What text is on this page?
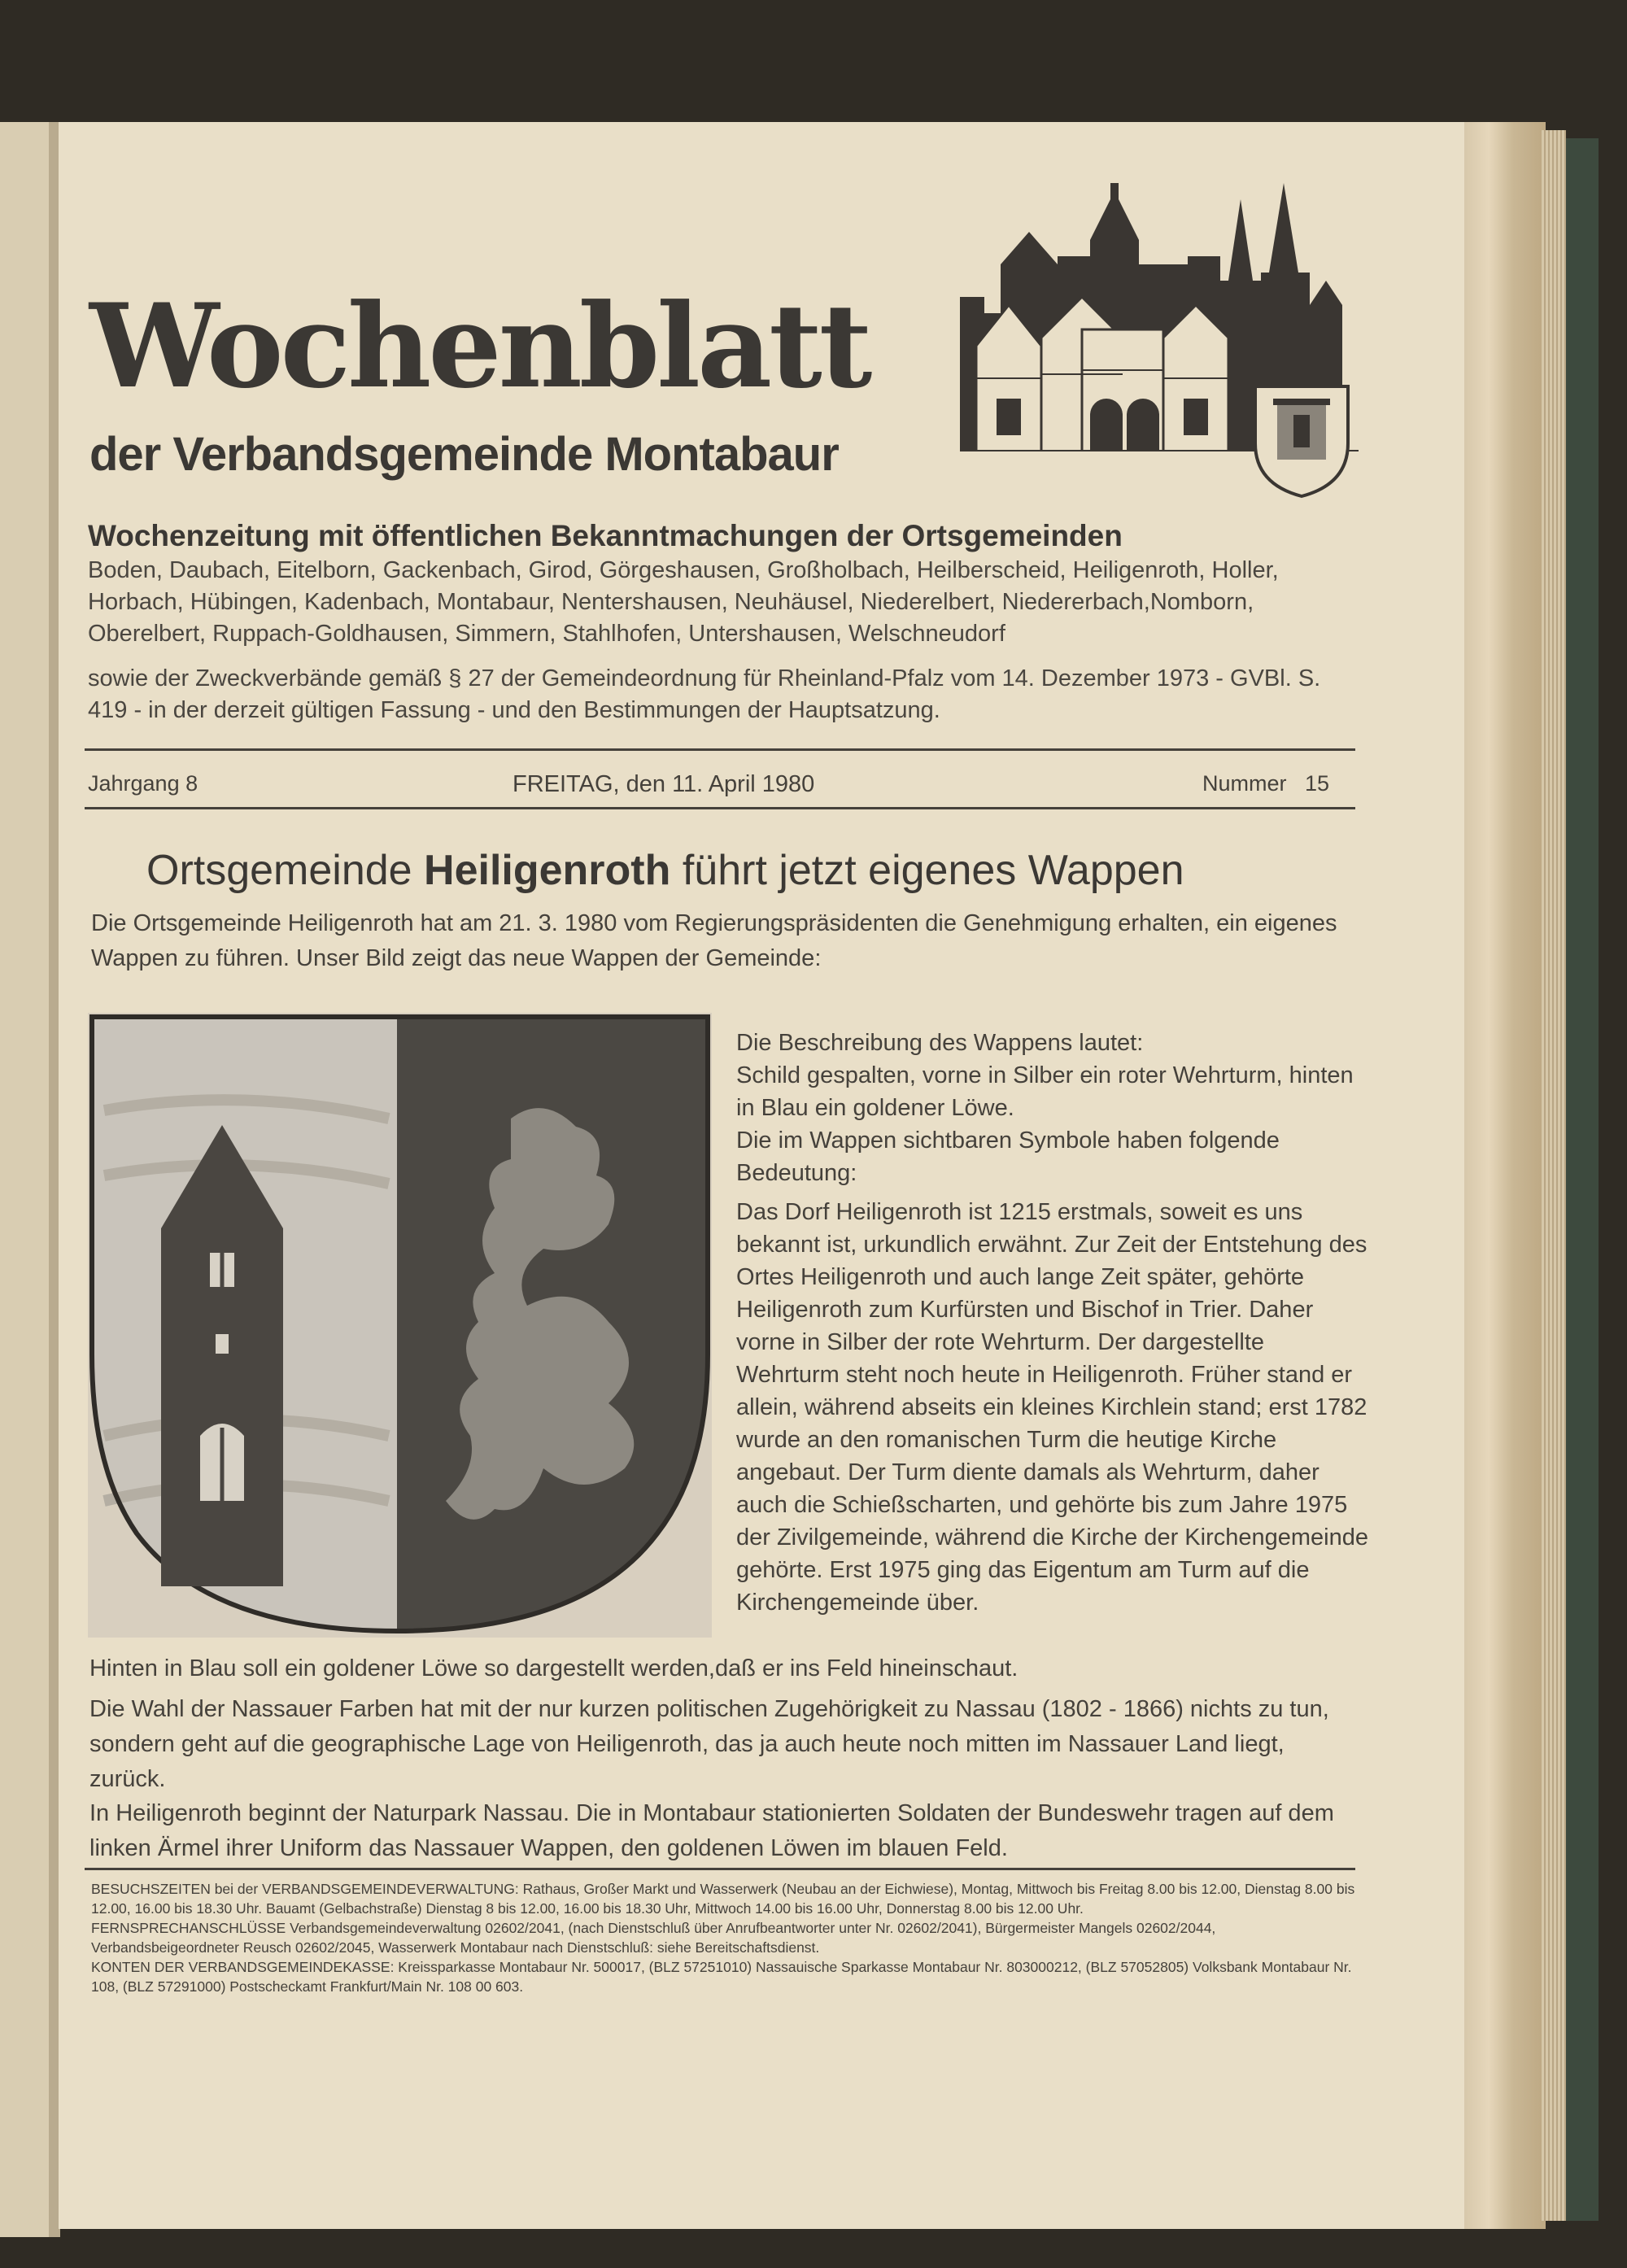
Wochenblatt
der Verbandsgemeinde Montabaur
Wochenzeitung mit öffentlichen Bekanntmachungen der Ortsgemeinden
Boden, Daubach, Eitelborn, Gackenbach, Girod, Görgeshausen, Großholbach, Heilberscheid, Heiligenroth, Holler, Horbach, Hübingen, Kadenbach, Montabaur, Nentershausen, Neuhäusel, Niederelbert, Niedererbach,Nomborn, Oberelbert, Ruppach-Goldhausen, Simmern, Stahlhofen, Untershausen, Welschneudorf
sowie der Zweckverbände gemäß § 27 der Gemeindeordnung für Rheinland-Pfalz vom 14. Dezember 1973 - GVBl. S. 419 - in der derzeit gültigen Fassung - und den Bestimmungen der Hauptsatzung.
Jahrgang 8	FREITAG, den 11. April 1980	Nummer   15
Ortsgemeinde Heiligenroth führt jetzt eigenes Wappen
Die Ortsgemeinde Heiligenroth hat am 21. 3. 1980 vom Regierungspräsidenten die Genehmigung erhalten, ein eigenes Wappen zu führen. Unser Bild zeigt das neue Wappen der Gemeinde:

Die Beschreibung des Wappens lautet:

Schild gespalten, vorne in Silber ein roter Wehrturm, hinten in Blau ein goldener Löwe.

Die im Wappen sichtbaren Symbole haben folgende Bedeutung:

Das Dorf Heiligenroth ist 1215 erstmals, soweit es uns bekannt ist, urkundlich erwähnt. Zur Zeit der Entstehung des Ortes Heiligenroth und auch lange Zeit später, gehörte Heiligenroth zum Kurfürsten und Bischof in Trier. Daher vorne in Silber der rote Wehrturm. Der dargestellte Wehrturm steht noch heute in Heiligenroth. Früher stand er allein, während abseits ein kleines Kirchlein stand; erst 1782 wurde an den romanischen Turm die heutige Kirche angebaut. Der Turm diente damals als Wehrturm, daher auch die Schießscharten, und gehörte bis zum Jahre 1975 der Zivilgemeinde, während die Kirche der Kirchengemeinde gehörte. Erst 1975 ging das Eigentum am Turm auf die Kirchengemeinde über.

Hinten in Blau soll ein goldener Löwe so dargestellt werden,daß er ins Feld hineinschaut.

Die Wahl der Nassauer Farben hat mit der nur kurzen politischen Zugehörigkeit zu Nassau (1802 - 1866) nichts zu tun, sondern geht auf die geographische Lage von Heiligenroth, das ja auch heute noch mitten im Nassauer Land liegt, zurück.

In Heiligenroth beginnt der Naturpark Nassau. Die in Montabaur stationierten Soldaten der Bundeswehr tragen auf dem linken Ärmel ihrer Uniform das Nassauer Wappen, den goldenen Löwen im blauen Feld.

BESUCHSZEITEN bei der VERBANDSGEMEINDEVERWALTUNG: Rathaus, Großer Markt und Wasserwerk (Neubau an der Eichwiese), Montag, Mittwoch bis Freitag 8.00 bis 12.00, Dienstag 8.00 bis 12.00, 16.00 bis 18.30 Uhr. Bauamt (Gelbachstraße) Dienstag 8 bis 12.00, 16.00 bis 18.30 Uhr, Mittwoch 14.00 bis 16.00 Uhr, Donnerstag 8.00 bis 12.00 Uhr.

FERNSPRECHANSCHLÜSSE Verbandsgemeindeverwaltung 02602/2041, (nach Dienstschluß über Anrufbeantworter unter Nr. 02602/2041), Bürgermeister Mangels 02602/2044, Verbandsbeigeordneter Reusch 02602/2045, Wasserwerk Montabaur nach Dienstschluß: siehe Bereitschaftsdienst.

KONTEN DER VERBANDSGEMEINDEKASSE: Kreissparkasse Montabaur Nr. 500017, (BLZ 57251010) Nassauische Sparkasse Montabaur Nr. 803000212, (BLZ 57052805) Volksbank Montabaur Nr. 108, (BLZ 57291000) Postscheckamt Frankfurt/Main Nr. 108 00 603.
